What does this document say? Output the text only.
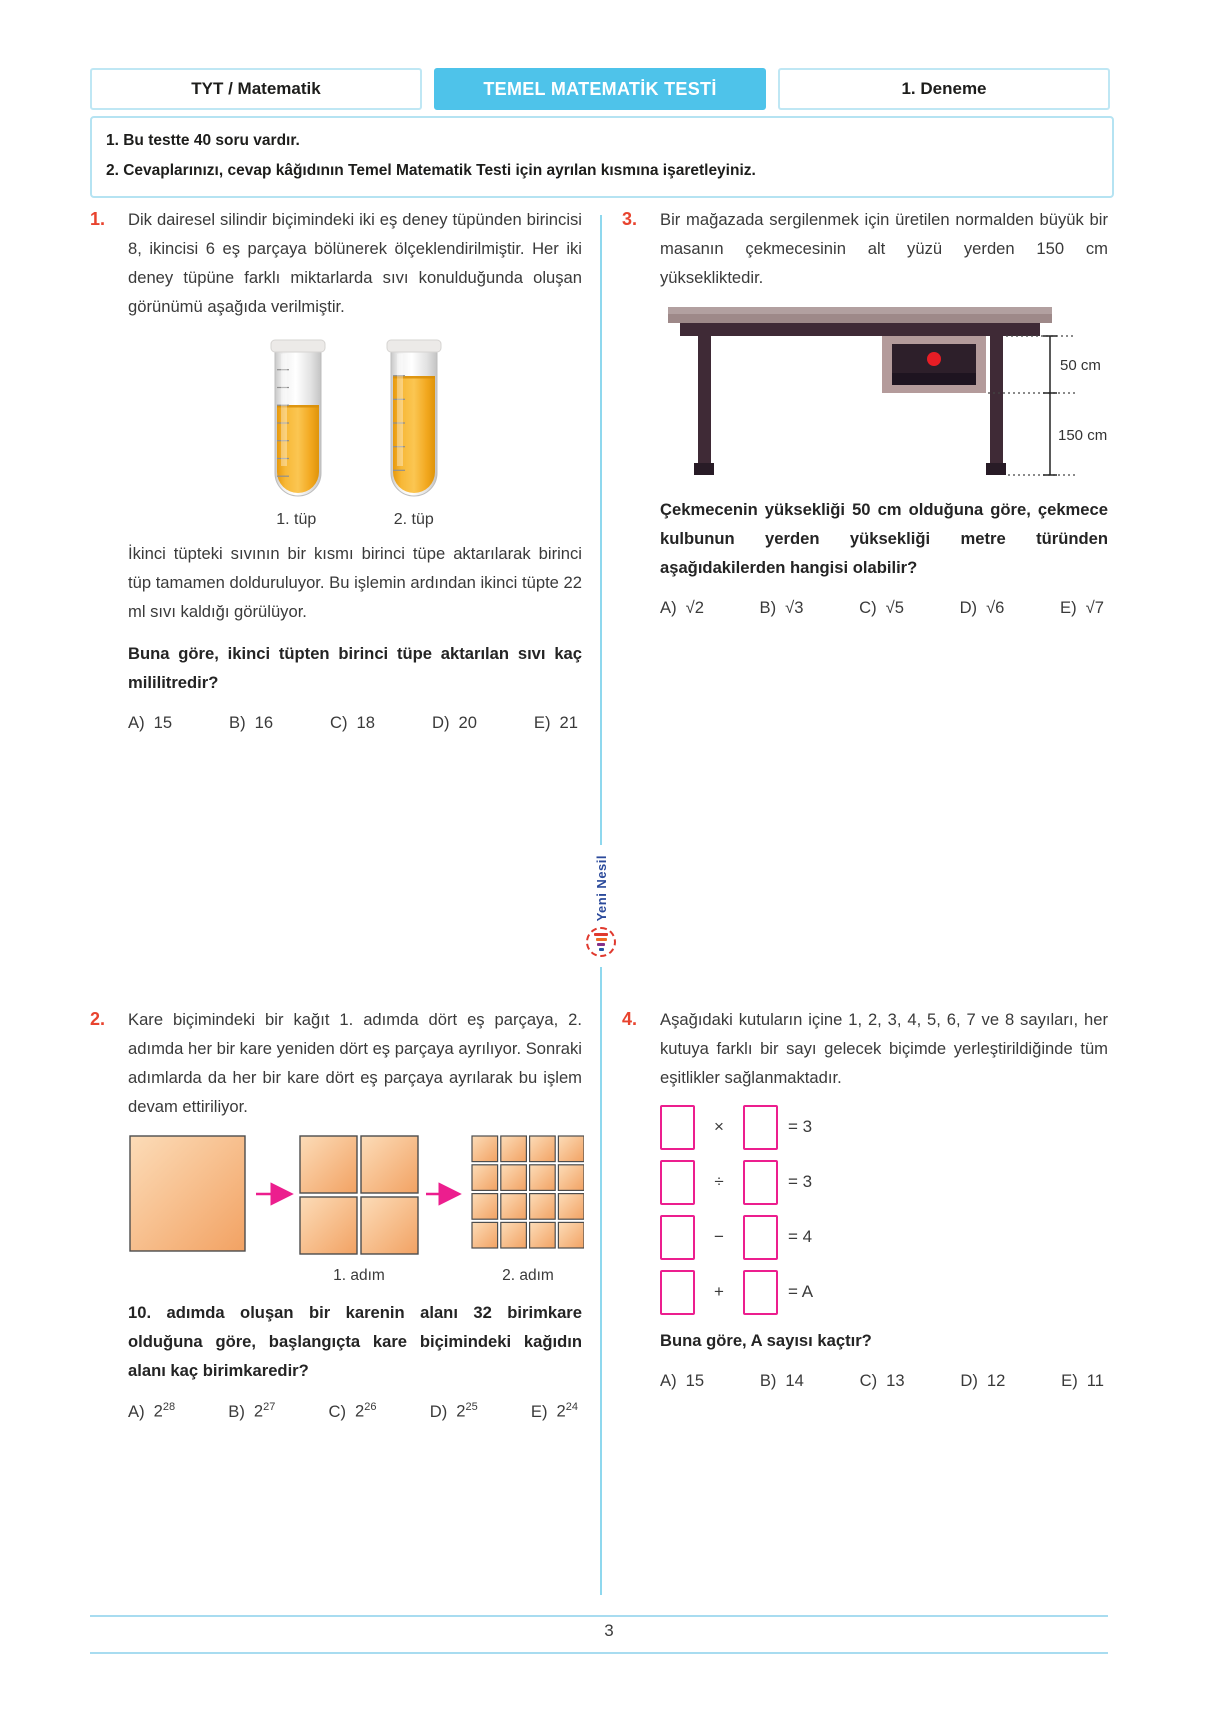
TYT / Matematik	TEMEL MATEMATİK TESTİ	1. Deneme
1. Bu testte 40 soru vardır.
2. Cevaplarınızı, cevap kâğıdının Temel Matematik Testi için ayrılan kısmına işaretleyiniz.
Yeni Nesil
1.	Dik dairesel silindir biçimindeki iki eş deney tüpünden birincisi 8, ikincisi 6 eş parçaya bölünerek ölçeklendirilmiştir. Her iki deney tüpüne farklı miktarlarda sıvı konulduğunda oluşan görünümü aşağıda verilmiştir.

1. tüp	2. tüp

İkinci tüpteki sıvının bir kısmı birinci tüpe aktarılarak birinci tüp tamamen dolduruluyor. Bu işlemin ardından ikinci tüpte 22 ml sıvı kaldığı görülüyor.

Buna göre, ikinci tüpten birinci tüpe aktarılan sıvı kaç mililitredir?

A) 15	B) 16	C) 18	D) 20	E) 21
2.	Kare biçimindeki bir kağıt 1. adımda dört eş parçaya, 2. adımda her bir kare yeniden dört eş parçaya ayrılıyor. Sonraki adımlarda da her bir kare dört eş parçaya ayrılarak bu işlem devam ettiriliyor.

1. adım	2. adım

10. adımda oluşan bir karenin alanı 32 birimkare olduğuna göre, başlangıçta kare biçimindeki kağıdın alanı kaç birimkaredir?

A) $2^{28}$	B) $2^{27}$	C) $2^{26}$	D) $2^{25}$	E) $2^{24}$
3.	Bir mağazada sergilenmek için üretilen normalden büyük bir masanın çekmecesinin alt yüzü yerden 150 cm yüksekliktedir.

50 cm
150 cm

Çekmecenin yüksekliği 50 cm olduğuna göre, çekmece kulbunun yerden yüksekliği metre türünden aşağıdakilerden hangisi olabilir?

A) √2	B) √3	C) √5	D) √6	E) √7
4.	Aşağıdaki kutuların içine 1, 2, 3, 4, 5, 6, 7 ve 8 sayıları, her kutuya farklı bir sayı gelecek biçimde yerleştirildiğinde tüm eşitlikler sağlanmaktadır.

×	= 3
÷	= 3
−	= 4
+	= A

Buna göre, A sayısı kaçtır?

A) 15	B) 14	C) 13	D) 12	E) 11
3
